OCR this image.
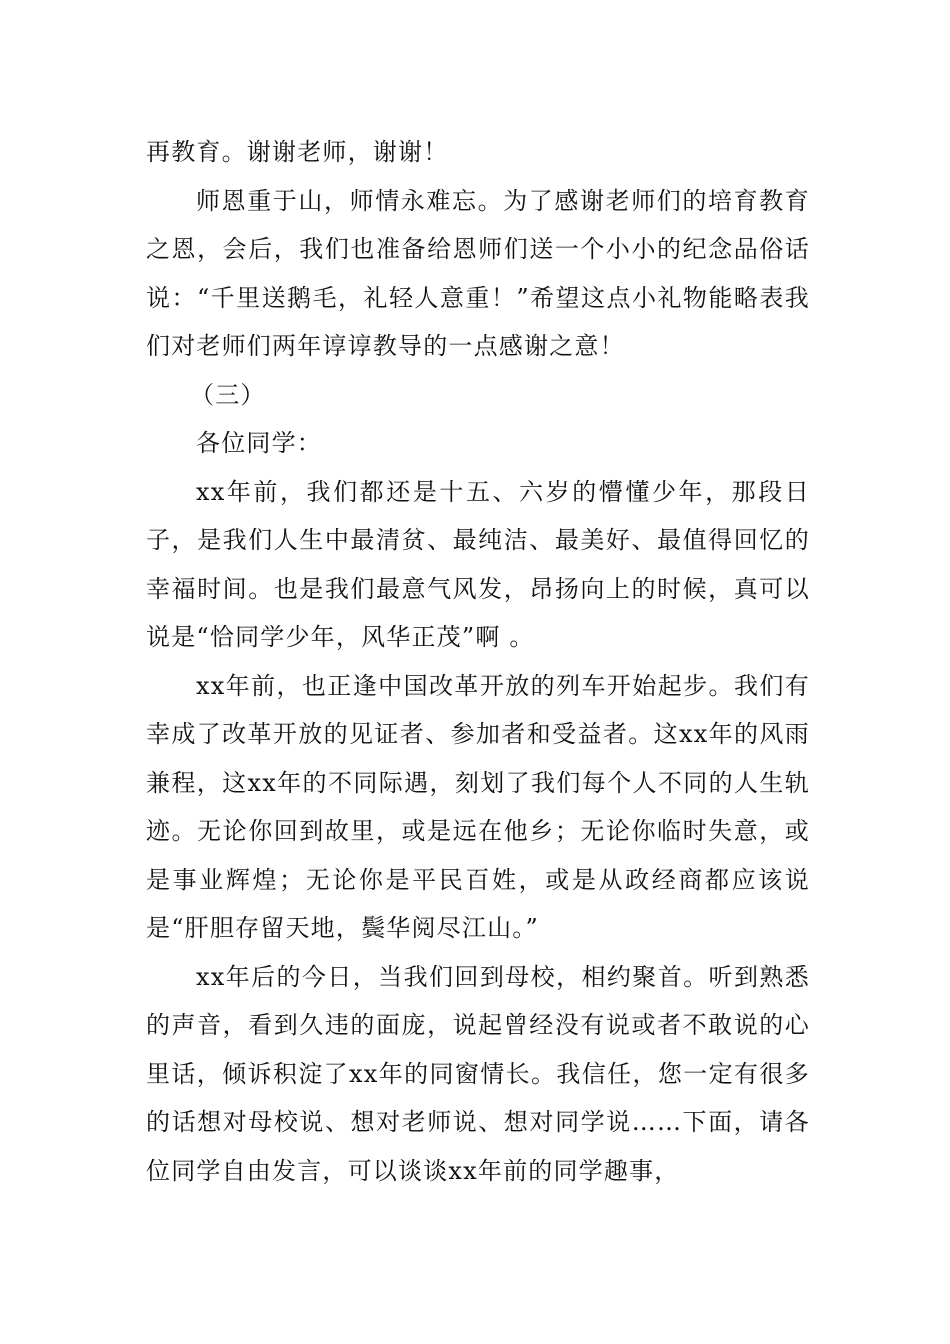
再教育。谢谢老师，谢谢！

师恩重于山，师情永难忘。为了感谢老师们的培育教育之恩，会后，我们也准备给恩师们送一个小小的纪念品俗话说：“千里送鹅毛，礼轻人意重！”希望这点小礼物能略表我们对老师们两年谆谆教导的一点感谢之意！

（三）

各位同学：

xx年前，我们都还是十五、六岁的懵懂少年，那段日子，是我们人生中最清贫、最纯洁、最美好、最值得回忆的幸福时间。也是我们最意气风发，昂扬向上的时候，真可以说是“恰同学少年，风华正茂”啊 。

xx年前，也正逢中国改革开放的列车开始起步。我们有幸成了改革开放的见证者、参加者和受益者。这xx年的风雨兼程，这xx年的不同际遇，刻划了我们每个人不同的人生轨迹。无论你回到故里，或是远在他乡；无论你临时失意，或是事业辉煌；无论你是平民百姓，或是从政经商都应该说是“肝胆存留天地，鬓华阅尽江山。”

xx年后的今日，当我们回到母校，相约聚首。听到熟悉的声音，看到久违的面庞，说起曾经没有说或者不敢说的心里话，倾诉积淀了xx年的同窗情长。我信任，您一定有很多的话想对母校说、想对老师说、想对同学说……下面，请各位同学自由发言，可以谈谈xx年前的同学趣事，
